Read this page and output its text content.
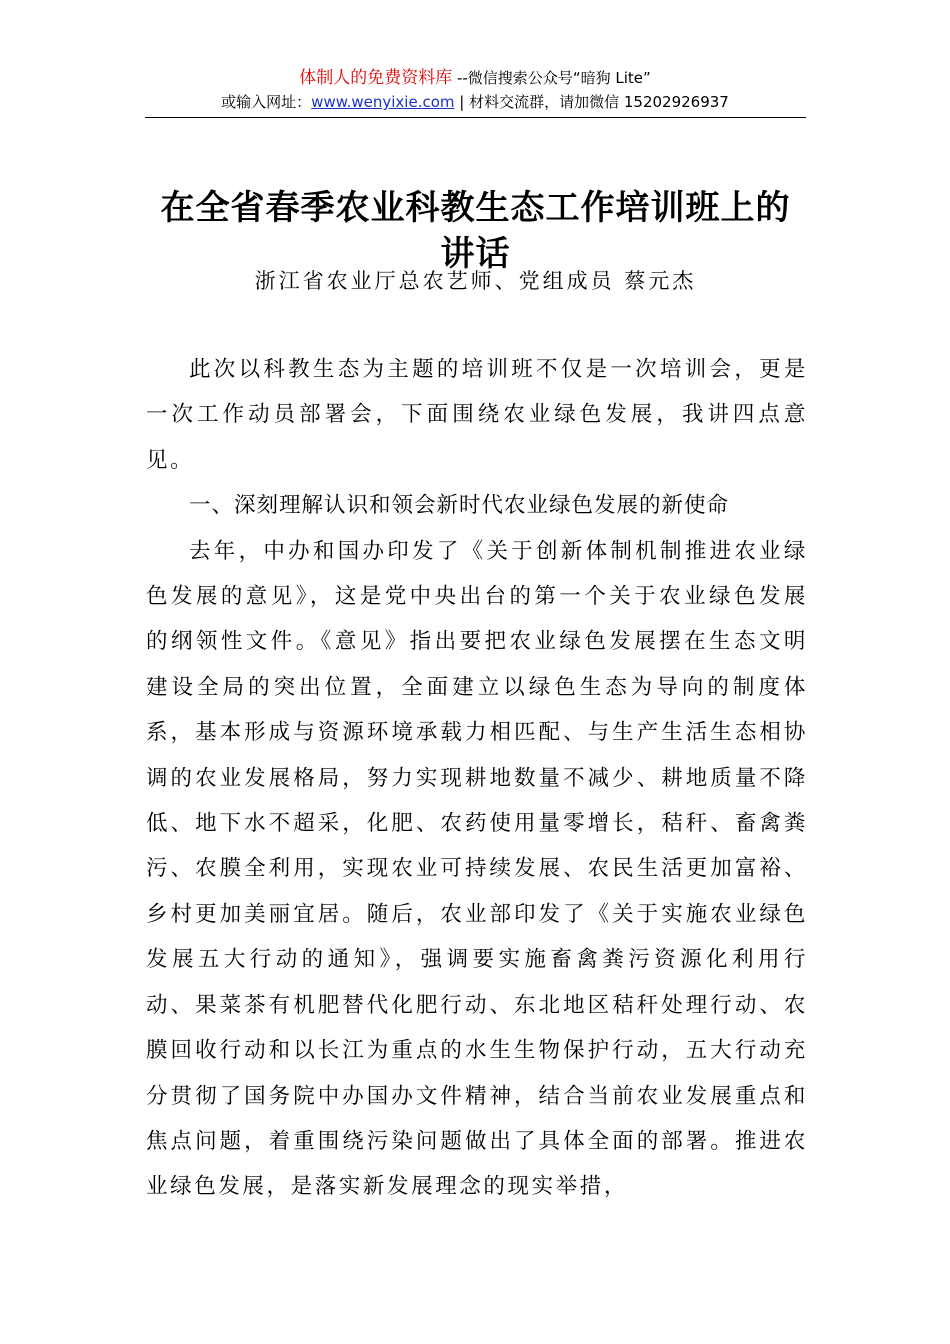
体制人的免费资料库 --微信搜索公众号“暗狗 Lite”
或输入网址：www.wenyixie.com | 材料交流群，请加微信 15202926937
在全省春季农业科教生态工作培训班上的讲话
浙江省农业厅总农艺师、党组成员 蔡元杰

此次以科教生态为主题的培训班不仅是一次培训会，更是一次工作动员部署会，下面围绕农业绿色发展，我讲四点意见。

一、深刻理解认识和领会新时代农业绿色发展的新使命

去年，中办和国办印发了《关于创新体制机制推进农业绿色发展的意见》，这是党中央出台的第一个关于农业绿色发展的纲领性文件。《意见》指出要把农业绿色发展摆在生态文明建设全局的突出位置，全面建立以绿色生态为导向的制度体系，基本形成与资源环境承载力相匹配、与生产生活生态相协调的农业发展格局，努力实现耕地数量不减少、耕地质量不降低、地下水不超采，化肥、农药使用量零增长，秸秆、畜禽粪污、农膜全利用，实现农业可持续发展、农民生活更加富裕、乡村更加美丽宜居。随后，农业部印发了《关于实施农业绿色发展五大行动的通知》，强调要实施畜禽粪污资源化利用行动、果菜茶有机肥替代化肥行动、东北地区秸秆处理行动、农膜回收行动和以长江为重点的水生生物保护行动，五大行动充分贯彻了国务院中办国办文件精神，结合当前农业发展重点和焦点问题，着重围绕污染问题做出了具体全面的部署。推进农业绿色发展，是落实新发展理念的现实举措，
